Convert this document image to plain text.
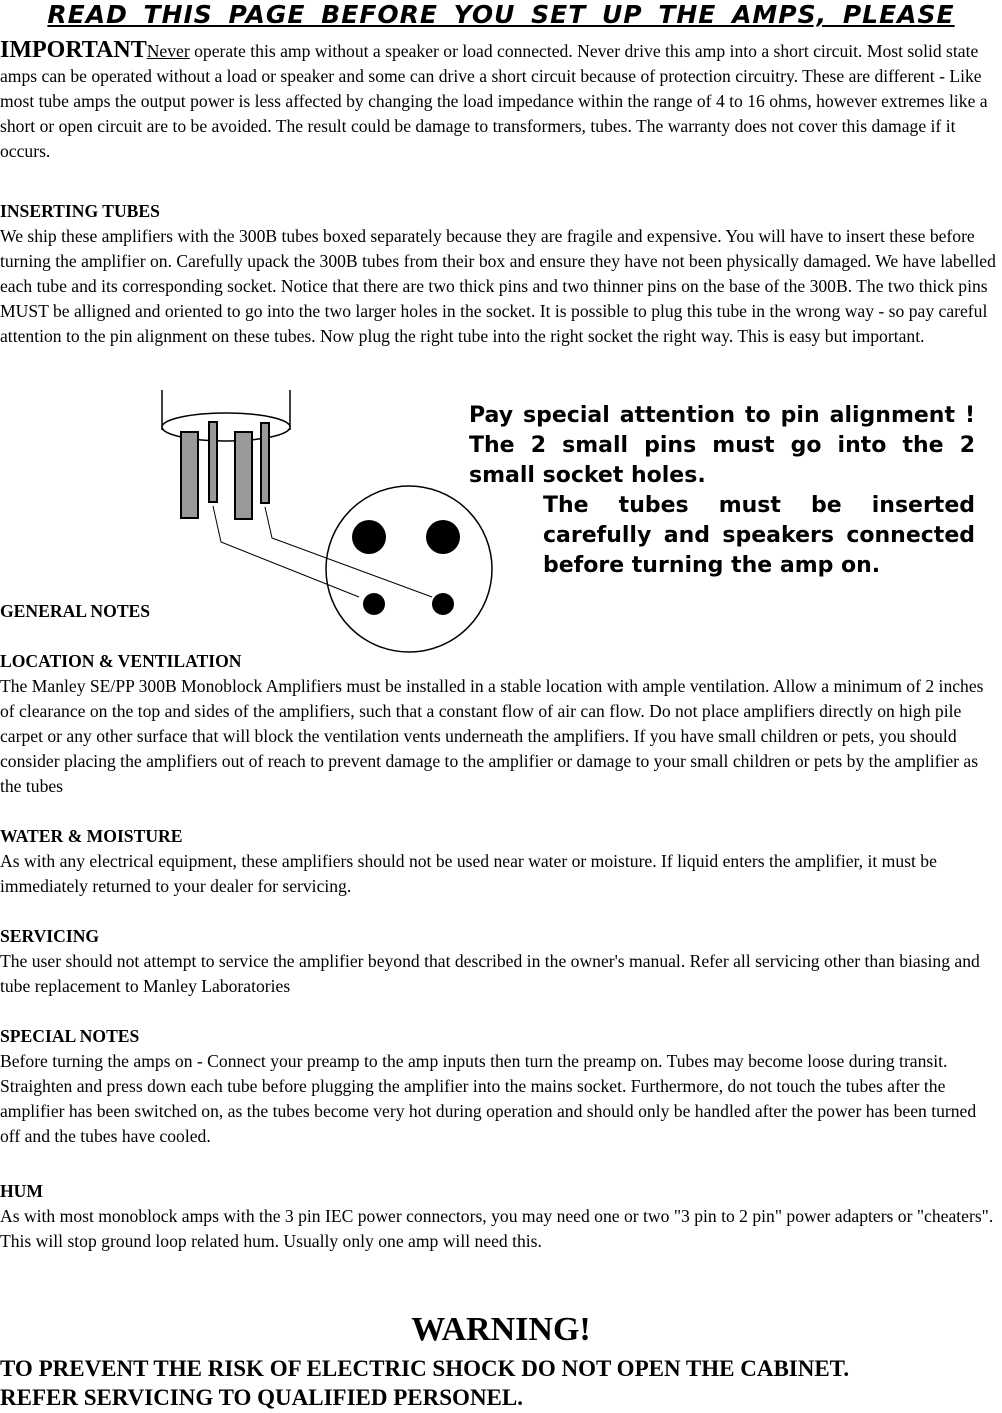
READ THIS PAGE BEFORE YOU SET UP THE AMPS, PLEASE

IMPORTANTNever operate this amp without a speaker or load connected. Never drive this amp into a short circuit. Most solid state amps can be operated without a load or speaker and some can drive a short circuit because of protection circuitry. These are different - Like most tube amps the output power is less affected by changing the load impedance within the range of 4 to 16 ohms, however extremes like a short or open circuit are to be avoided. The result could be damage to transformers, tubes. The warranty does not cover this damage if it occurs.

INSERTING TUBES

We ship these amplifiers with the 300B tubes boxed separately because they are fragile and expensive. You will have to insert these before turning the amplifier on. Carefully upack the 300B tubes from their box and ensure they have not been physically damaged. We have labelled each tube and its corresponding socket. Notice that there are two thick pins and two thinner pins on the base of the 300B. The two thick pins MUST be alligned and oriented to go into the two larger holes in the socket. It is possible to plug this tube in the wrong way - so pay careful attention to the pin alignment on these tubes. Now plug the right tube into the right socket the right way. This is easy but important.

Pay special attention to pin alignment ! The 2 small pins must go into the 2 small socket holes.

The tubes must be inserted carefully and speakers connected before turning the amp on.

GENERAL NOTES
LOCATION & VENTILATION

The Manley SE/PP 300B Monoblock Amplifiers must be installed in a stable location with ample ventilation. Allow a minimum of 2 inches of clearance on the top and sides of the amplifiers, such that a constant flow of air can flow. Do not place amplifiers directly on high pile carpet or any other surface that will block the ventilation vents underneath the amplifiers. If you have small children or pets, you should consider placing the amplifiers out of reach to prevent damage to the amplifier or damage to your small children or pets by the amplifier as the tubes

WATER & MOISTURE

As with any electrical equipment, these amplifiers should not be used near water or moisture. If liquid enters the amplifier, it must be immediately returned to your dealer for servicing.

SERVICING

The user should not attempt to service the amplifier beyond that described in the owner's manual. Refer all servicing other than biasing and tube replacement to Manley Laboratories

SPECIAL NOTES

Before turning the amps on - Connect your preamp to the amp inputs then turn the preamp on. Tubes may become loose during transit. Straighten and press down each tube before plugging the amplifier into the mains socket. Furthermore, do not touch the tubes after the amplifier has been switched on, as the tubes become very hot during operation and should only be handled after the power has been turned off and the tubes have cooled.

HUM

As with most monoblock amps with the 3 pin IEC power connectors, you may need one or two "3 pin to 2 pin" power adapters or "cheaters". This will stop ground loop related hum. Usually only one amp will need this.

WARNING!

TO PREVENT THE RISK OF ELECTRIC SHOCK DO NOT OPEN THE CABINET.

REFER SERVICING TO QUALIFIED PERSONEL.
